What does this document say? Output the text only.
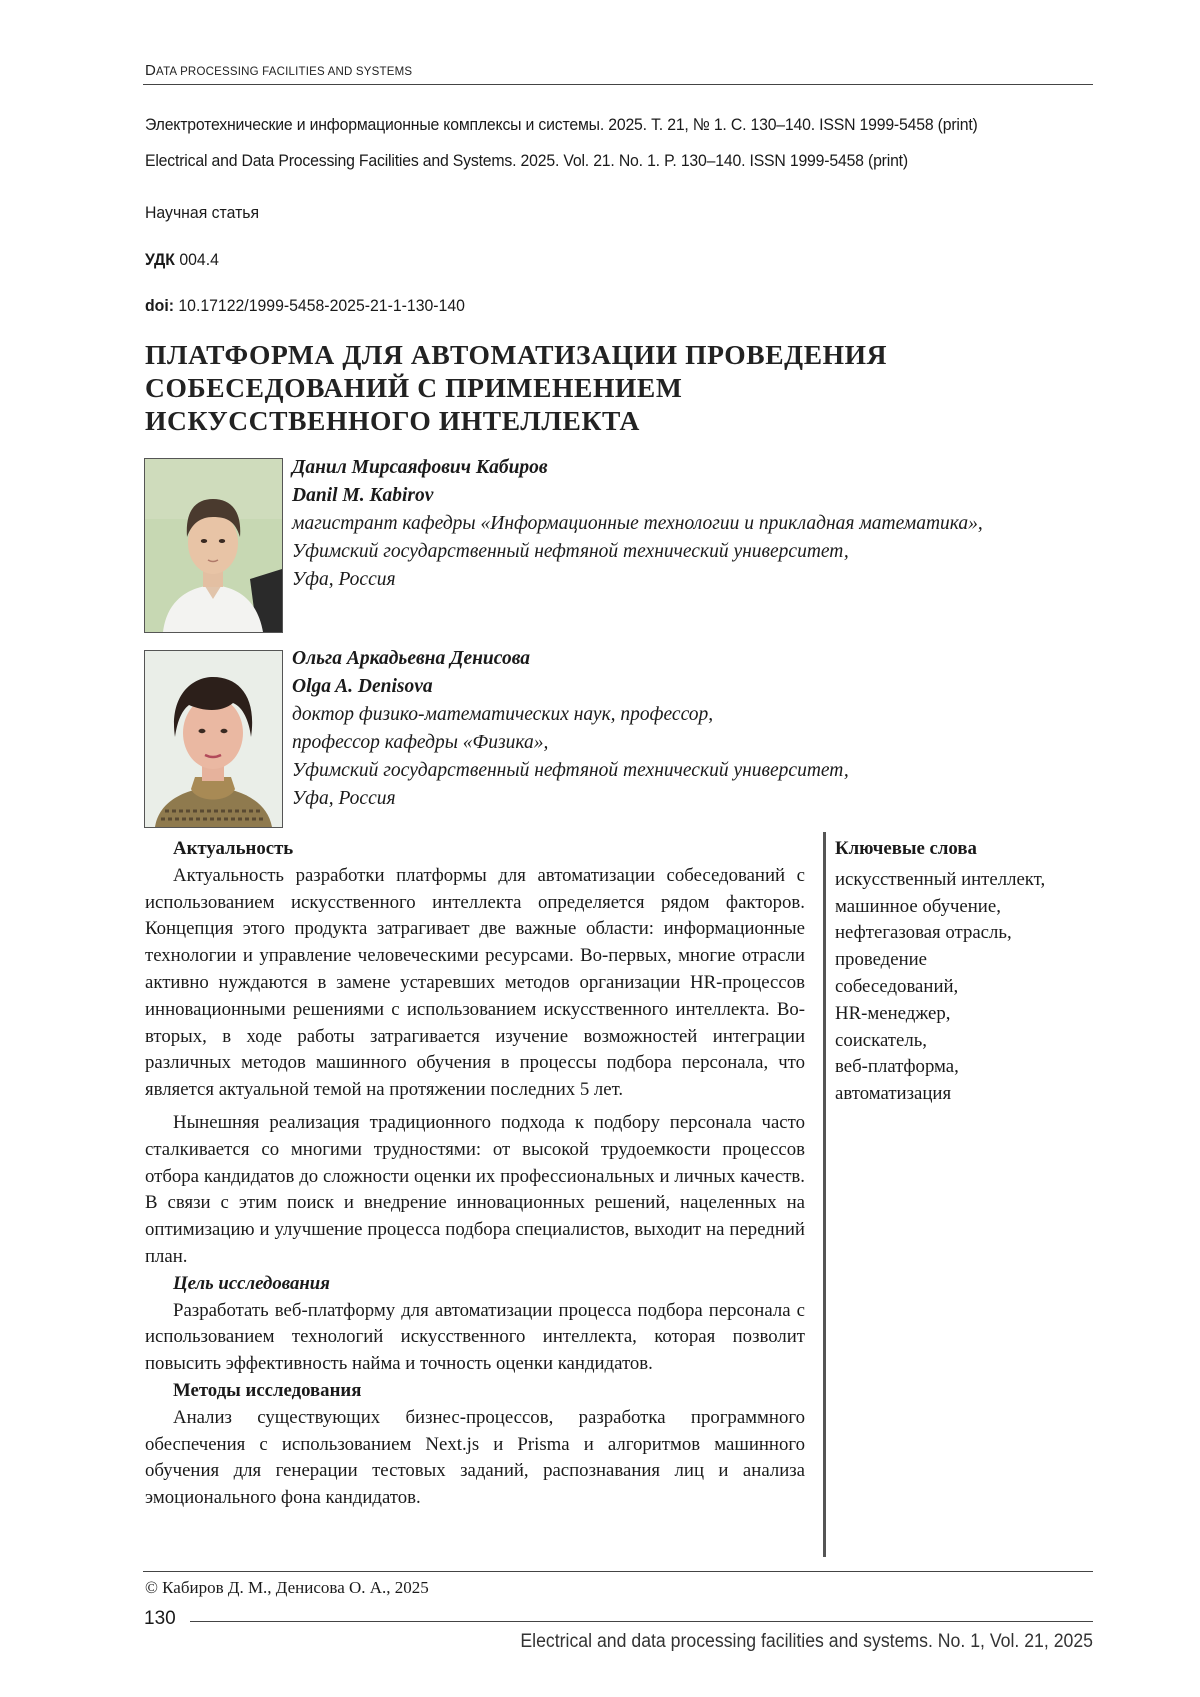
DATA PROCESSING FACILITIES AND SYSTEMS
Электротехнические и информационные комплексы и системы. 2025. Т. 21, № 1. С. 130–140. ISSN 1999-5458 (print)
Electrical and Data Processing Facilities and Systems. 2025. Vol. 21. No. 1. P. 130–140. ISSN 1999-5458 (print)
Научная статья
УДК 004.4
doi: 10.17122/1999-5458-2025-21-1-130-140
ПЛАТФОРМА ДЛЯ АВТОМАТИЗАЦИИ ПРОВЕДЕНИЯ
СОБЕСЕДОВАНИЙ С ПРИМЕНЕНИЕМ
ИСКУССТВЕННОГО ИНТЕЛЛЕКТА
Данил Мирсаяфович Кабиров
Danil M. Kabirov
магистрант кафедры «Информационные технологии и прикладная математика»,
Уфимский государственный нефтяной технический университет,
Уфа, Россия
Ольга Аркадьевна Денисова
Olga A. Denisova
доктор физико-математических наук, профессор,
профессор кафедры «Физика»,
Уфимский государственный нефтяной технический университет,
Уфа, Россия
Актуальность

Актуальность разработки платформы для автоматизации собеседований с использованием искусственного интеллекта определяется рядом факторов. Концепция этого продукта затрагивает две важные области: информационные технологии и управление человеческими ресурсами. Во-первых, многие отрасли активно нуждаются в замене устаревших методов организации HR-процессов инновационными решениями с использованием искусственного интеллекта. Во-вторых, в ходе работы затрагивается изучение возможностей интеграции различных методов машинного обучения в процессы подбора персонала, что является актуальной темой на протяжении последних 5 лет.

Нынешняя реализация традиционного подхода к подбору персонала часто сталкивается со многими трудностями: от высокой трудоемкости процессов отбора кандидатов до сложности оценки их профессиональных и личных качеств. В связи с этим поиск и внедрение инновационных решений, нацеленных на оптимизацию и улучшение процесса подбора специалистов, выходит на передний план.

Цель исследования

Разработать веб-платформу для автоматизации процесса подбора персонала с использованием технологий искусственного интеллекта, которая позволит повысить эффективность найма и точность оценки кандидатов.

Методы исследования

Анализ существующих бизнес-процессов, разработка программного обеспечения с использованием Next.js и Prisma и алгоритмов машинного обучения для генерации тестовых заданий, распознавания лиц и анализа эмоционального фона кандидатов.

Ключевые слова
искусственный интеллект,
машинное обучение,
нефтегазовая отрасль,
проведение
собеседований,
HR-менеджер,
соискатель,
веб-платформа,
автоматизация
© Кабиров Д. М., Денисова О. А., 2025
130
Electrical and data processing facilities and systems. No. 1, Vol. 21, 2025
